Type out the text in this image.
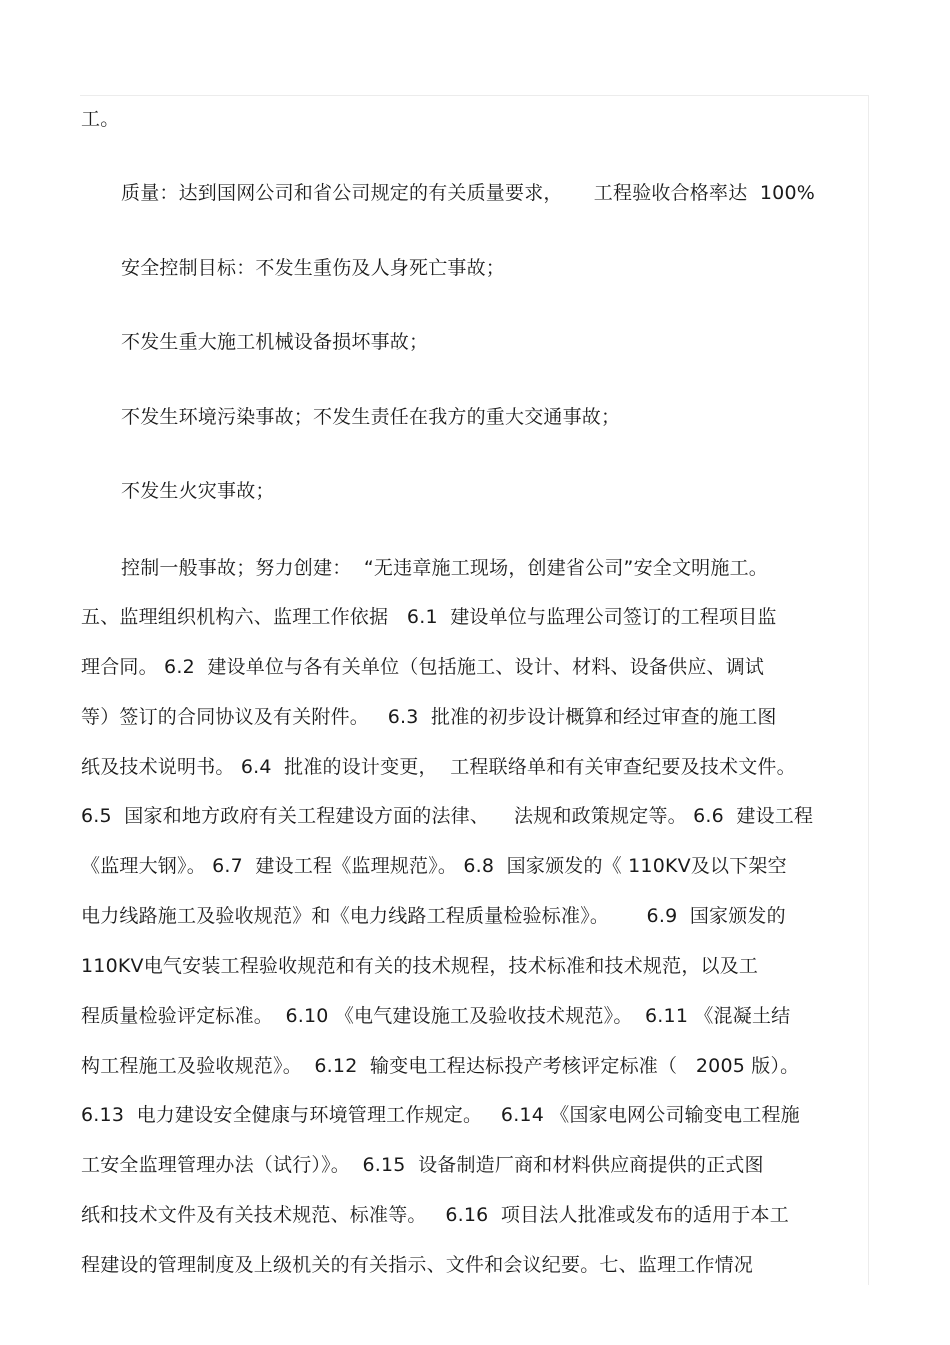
工。
质量：达到国网公司和省公司规定的有关质量要求，     工程验收合格率达  100%
安全控制目标：不发生重伤及人身死亡事故；
不发生重大施工机械设备损坏事故；
不发生环境污染事故；不发生责任在我方的重大交通事故；
不发生火灾事故；
控制一般事故；努力创建：  “无违章施工现场，创建省公司”安全文明施工。
五、监理组织机构六、监理工作依据   6.1  建设单位与监理公司签订的工程项目监
理合同。 6.2  建设单位与各有关单位（包括施工、设计、材料、设备供应、调试
等）签订的合同协议及有关附件。   6.3  批准的初步设计概算和经过审查的施工图
纸及技术说明书。 6.4  批准的设计变更，  工程联络单和有关审查纪要及技术文件。
6.5  国家和地方政府有关工程建设方面的法律、    法规和政策规定等。 6.6  建设工程
《监理大钢》。 6.7  建设工程《监理规范》。 6.8  国家颁发的《 110KV及以下架空
电力线路施工及验收规范》和《电力线路工程质量检验标准》。      6.9  国家颁发的
110KV电气安装工程验收规范和有关的技术规程，技术标准和技术规范，以及工
程质量检验评定标准。  6.10 《电气建设施工及验收技术规范》。  6.11 《混凝土结
构工程施工及验收规范》。  6.12  输变电工程达标投产考核评定标准（   2005 版）。
6.13  电力建设安全健康与环境管理工作规定。   6.14 《国家电网公司输变电工程施
工安全监理管理办法（试行）》。  6.15  设备制造厂商和材料供应商提供的正式图
纸和技术文件及有关技术规范、标准等。   6.16  项目法人批准或发布的适用于本工
程建设的管理制度及上级机关的有关指示、文件和会议纪要。七、监理工作情况
